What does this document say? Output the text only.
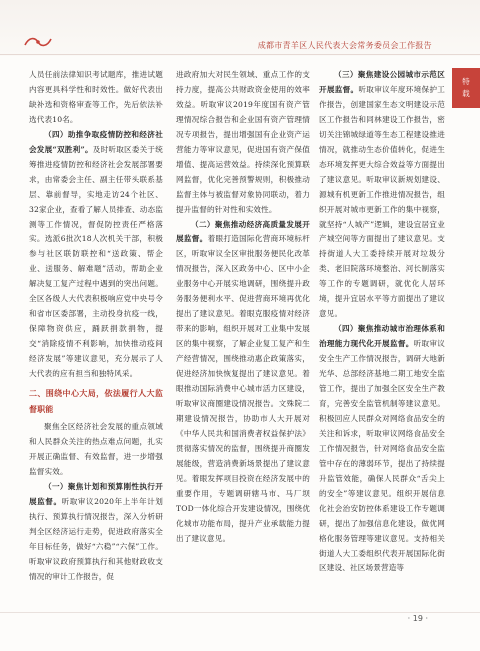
成都市青羊区人民代表大会常务委员会工作报告
特
载

人员任前法律知识考试题库，推进试题内容更具科学性和时效性。做好代表出缺补选和资格审查等工作，先后依法补选代表10名。

（四）助推争取疫情防控和经济社会发展“双胜利”。及时听取区委关于统筹推进疫情防控和经济社会发展部署要求，由常委会主任、副主任带头联系基层、靠前督导，实地走访24个社区、32家企业，查看了解人员排查、动态监测等工作情况，督促防控责任严格落实。选派6批次18人次机关干部，积极参与社区联防联控和“送政策、帮企业、送服务、解难题”活动，帮助企业解决复工复产过程中遇到的突出问题。全区各级人大代表积极响应党中央号令和省市区委部署，主动投身抗疫一线，保障物资供应，踊跃捐款捐物，提交“消除疫情不利影响，加快推动疫间经济发展”等建议意见，充分展示了人大代表的应有担当和独特风采。

二、围绕中心大局，依法履行人大监督职能

聚焦全区经济社会发展的重点领域和人民群众关注的热点难点问题，扎实开展正确监督、有效监督，进一步增强监督实效。

（一）聚焦计划和预算刚性执行开展监督。听取审议2020年上半年计划执行、预算执行情况报告，深入分析研判全区经济运行走势，促进政府落实全年目标任务，做好“六稳”“六保”工作。听取审议政府预算执行和其他财政收支情况的审计工作报告，促

进政府加大对民生领域、重点工作的支持力度，提高公共财政资金使用的效率效益。听取审议2019年度国有资产管理情况综合报告和企业国有资产管理情况专项报告，提出增强国有企业资产运营能力等审议意见，促进国有资产保值增值、提高运营效益。持续深化预算联网监督，优化完善预警规则，积极推动监督主体与被监督对象协同联动，着力提升监督的针对性和实效性。

（二）聚焦推动经济高质量发展开展监督。着眼打造国际化营商环境标杆区，听取审议全区审批服务便民化改革情况报告，深入区政务中心、区中小企业服务中心开展实地调研，围绕提升政务服务便利水平、促进营商环境再优化提出了建议意见。着眼克服疫情对经济带来的影响，组织开展对工业集中发展区的集中视察，了解企业复工复产和生产经营情况，围绕推动惠企政策落实，促进经济加快恢复提出了建议意见。着眼推动国际消费中心城市活力区建设，听取审议商圈建设情况报告。文殊院二期建设情况报告，协助市人大开展对《中华人民共和国消费者权益保护法》贯彻落实情况的监督，围绕提升商圈发展能级，营造消费新场景提出了建议意见。着眼发挥项目投资在经济发展中的重要作用，专题调研辖马市、马厂坝TOD一体化综合开发建设情况，围绕优化城市功能布局，提升产业承载能力提出了建议意见。

（三）聚焦建设公园城市示范区开展监督。听取审议年度环境保护工作报告，创建国家生态文明建设示范区工作报告和同林建设工作报告，密切关注锦城绿道等生态工程建设推进情况，就推动生态价值转化，促进生态环境发挥更大综合效益等方面提出了建议意见。听取审议新规划建设、源城有机更新工作推进情况报告，组织开展对城市更新工作的集中视察，就坚持“人城产”逻辑，建设宜居宜业产城空间等方面提出了建议意见。支持街道人大工委持续开展对垃圾分类、老旧院落环境整治、河长制落实等工作的专题调研，就优化人居环境，提升宜居水平等方面提出了建议意见。

（四）聚焦推动城市治理体系和治理能力现代化开展监督。听取审议安全生产工作情况报告，调研大地新光华、总部经济基地二期工地安全监管工作，提出了加强全区安全生产教育，完善安全监管机制等建议意见。积极回应人民群众对网络食品安全的关注和诉求，听取审议网络食品安全工作情况报告，针对网络食品安全监管中存在的薄弱环节，提出了持续提升监管效能，确保人民群众“舌尖上的安全”等建议意见。组织开展信息化社会治安防控体系建设工作专题调研，提出了加强信息化建设，做优网格化服务管理等建议意见。支持相关街道人大工委组织代表开展国际化街区建设、社区场景营造等

· 19 ·
